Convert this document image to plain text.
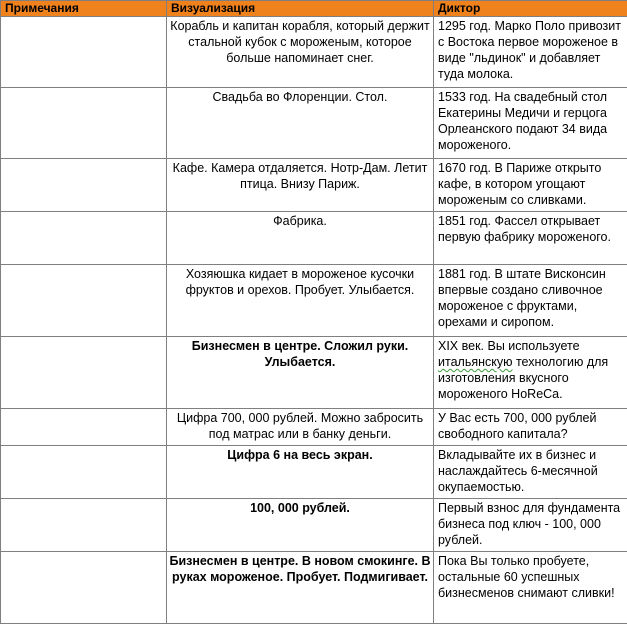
Примечания	Визуализация	Диктор
	Корабль и капитан корабля, который держит стальной кубок с мороженым, которое больше напоминает снег.	1295 год. Марко Поло привозит с Востока первое мороженое в виде "льдинок" и добавляет туда молока.
	Свадьба во Флоренции. Стол.	1533 год. На свадебный стол Екатерины Медичи и герцога Орлеанского подают 34 вида мороженого.
	Кафе. Камера отдаляется. Нотр-Дам. Летит птица. Внизу Париж.	1670 год. В Париже открыто кафе, в котором угощают мороженым со сливками.
	Фабрика.	1851 год. Фассел открывает первую фабрику мороженого.
	Хозяюшка кидает в мороженое кусочки фруктов и орехов. Пробует. Улыбается.	1881 год. В штате Висконсин впервые создано сливочное мороженое с фруктами, орехами и сиропом.
	Бизнесмен в центре. Сложил руки. Улыбается.	XIX век. Вы используете итальянскую технологию для изготовления вкусного мороженого HoReCa.
	Цифра 700, 000 рублей. Можно забросить под матрас или в банку деньги.	У Вас есть 700, 000 рублей свободного капитала?
	Цифра 6 на весь экран.	Вкладывайте их в бизнес и наслаждайтесь 6-месячной окупаемостью.
	100, 000 рублей.	Первый взнос для фундамента бизнеса под ключ - 100, 000 рублей.
	Бизнесмен в центре. В новом смокинге. В руках мороженое. Пробует. Подмигивает.	Пока Вы только пробуете, остальные 60 успешных бизнесменов снимают сливки!
